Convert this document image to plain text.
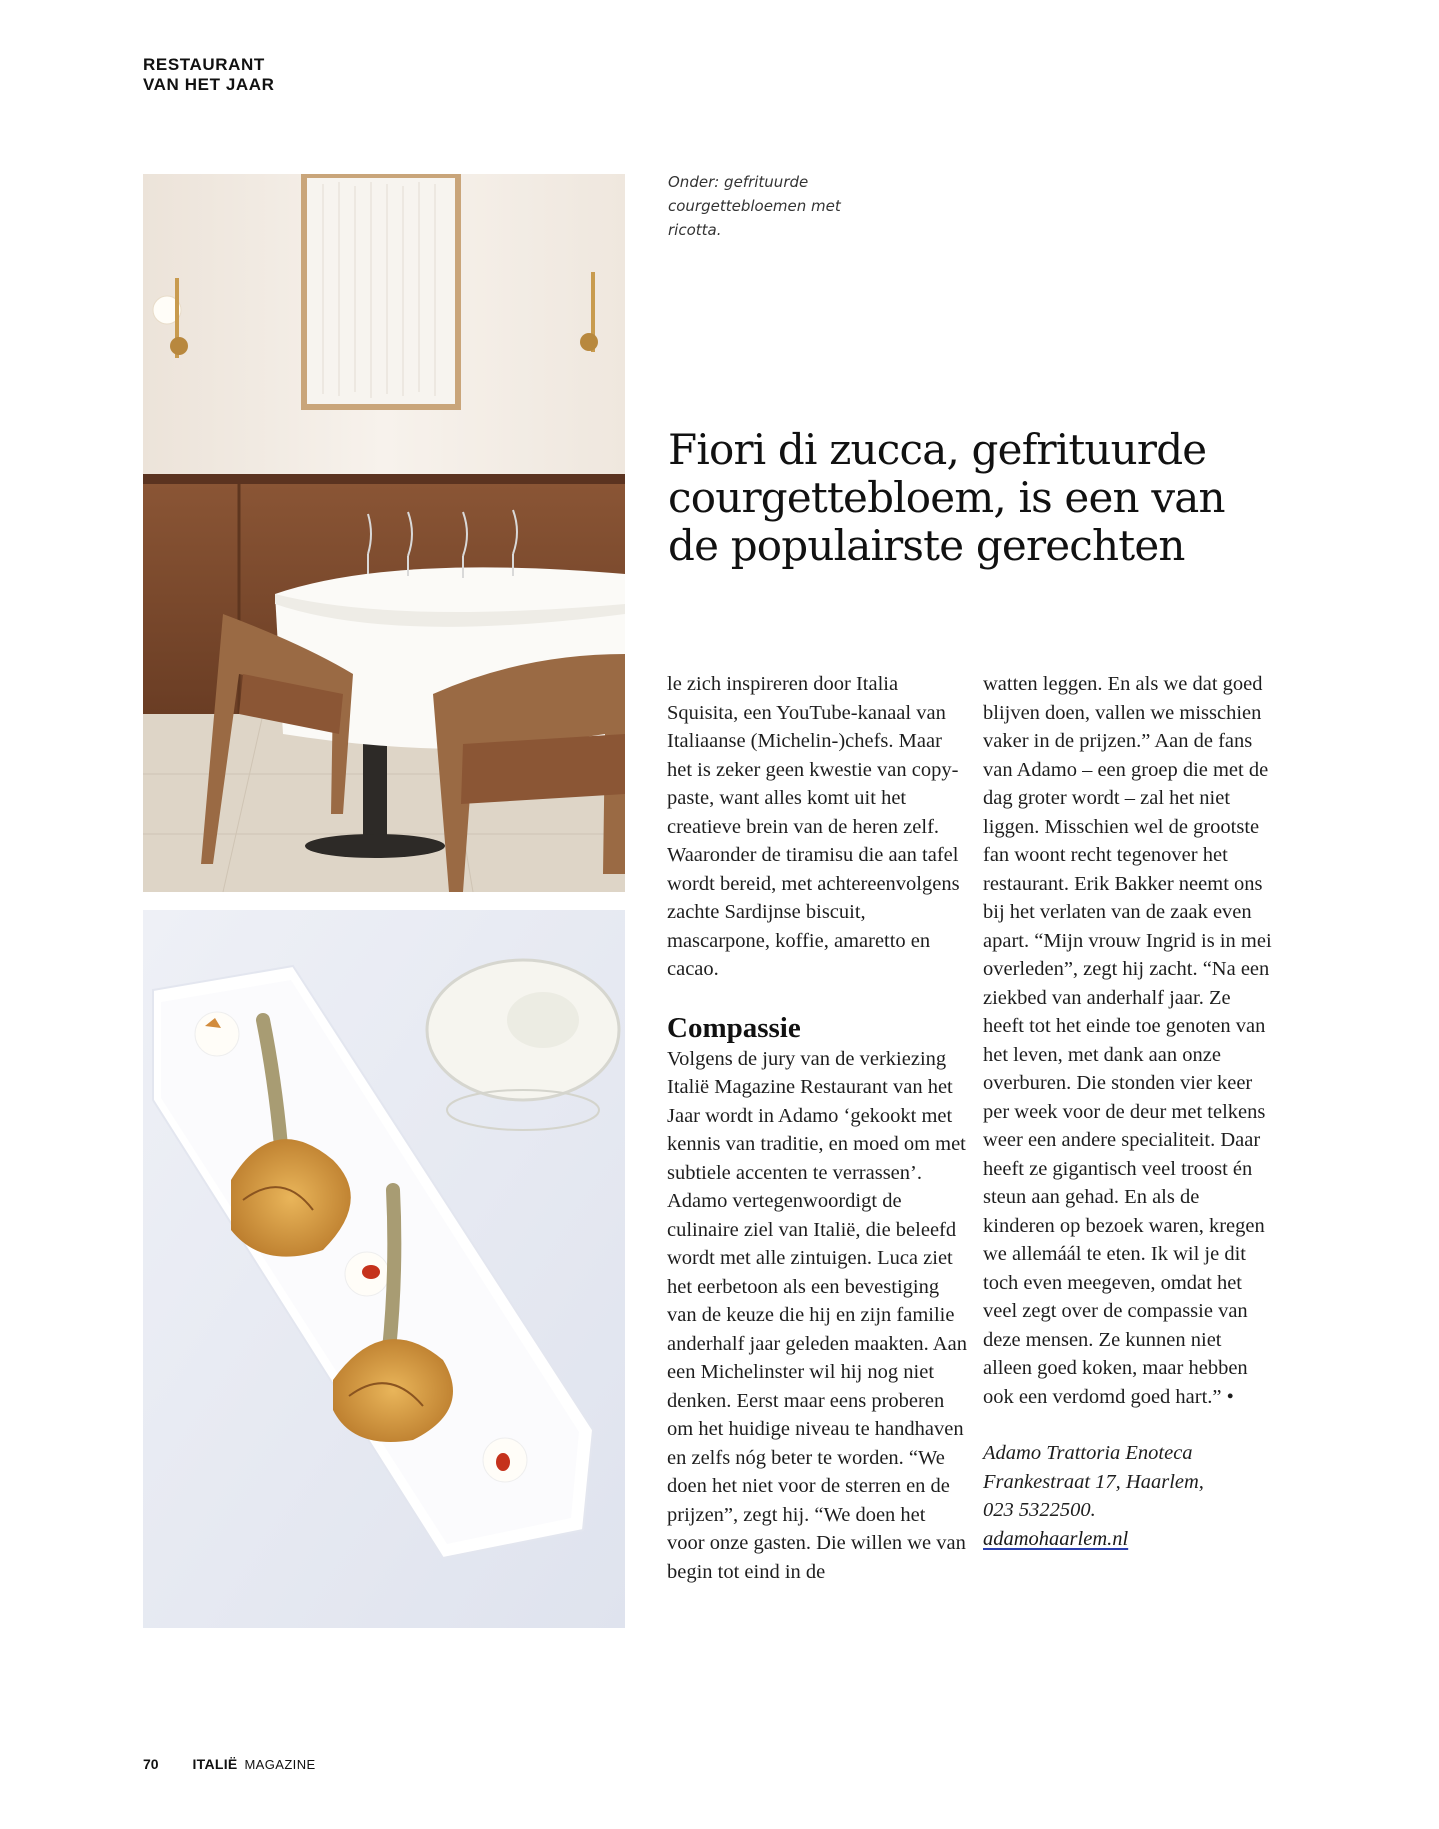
RESTAURANT
VAN HET JAAR
Onder: gefrituurde courgettebloemen met ricotta.
Fiori di zucca, gefrituurde courgettebloem, is een van de populairste gerechten

le zich inspireren door Italia Squisita, een YouTube-kanaal van Italiaanse (Michelin-)chefs. Maar het is zeker geen kwestie van copy-paste, want alles komt uit het creatieve brein van de heren zelf. Waaronder de tiramisu die aan tafel wordt bereid, met achtereenvolgens zachte Sardijnse biscuit, mascarpone, koffie, amaretto en cacao.

Compassie

Volgens de jury van de verkiezing Italië Magazine Restaurant van het Jaar wordt in Adamo ‘gekookt met kennis van traditie, en moed om met subtiele accenten te verrassen’. Adamo vertegenwoordigt de culinaire ziel van Italië, die beleefd wordt met alle zintuigen. Luca ziet het eerbetoon als een bevestiging van de keuze die hij en zijn familie anderhalf jaar geleden maakten. Aan een Michelinster wil hij nog niet denken. Eerst maar eens proberen om het huidige niveau te handhaven en zelfs nóg beter te worden. “We doen het niet voor de sterren en de prijzen”, zegt hij. “We doen het voor onze gasten. Die willen we van begin tot eind in de

watten leggen. En als we dat goed blijven doen, vallen we misschien vaker in de prijzen.” Aan de fans van Adamo – een groep die met de dag groter wordt – zal het niet liggen. Misschien wel de grootste fan woont recht tegenover het restaurant. Erik Bakker neemt ons bij het verlaten van de zaak even apart. “Mijn vrouw Ingrid is in mei overleden”, zegt hij zacht. “Na een ziekbed van anderhalf jaar. Ze heeft tot het einde toe genoten van het leven, met dank aan onze overburen. Die stonden vier keer per week voor de deur met telkens weer een andere specialiteit. Daar heeft ze gigantisch veel troost én steun aan gehad. En als de kinderen op bezoek waren, kregen we allemáál te eten. Ik wil je dit toch even meegeven, omdat het veel zegt over de compassie van deze mensen. Ze kunnen niet alleen goed koken, maar hebben ook een verdomd goed hart.” •

Adamo Trattoria Enoteca
Frankestraat 17, Haarlem,
023 5322500.
adamohaarlem.nl

70 ITALIË MAGAZINE
